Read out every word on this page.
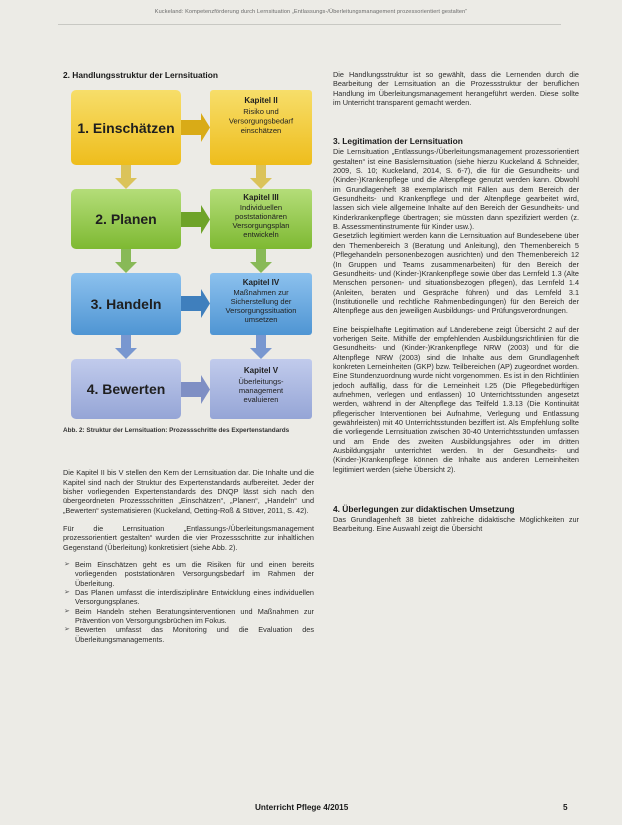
Kuckeland: Kompetenzförderung durch Lernsituation „Entlassungs-/Überleitungsmanagement prozessorientiert gestalten“
2. Handlungsstruktur der Lernsituation
1. Einschätzen
Kapitel II
Risiko und
Versorgungsbedarf
einschätzen
2. Planen
Kapitel III
Individuellen
poststationären
Versorgungsplan
entwickeln
3. Handeln
Kapitel IV
Maßnahmen zur
Sicherstellung der
Versorgungssituation
umsetzen
4. Bewerten
Kapitel V
Überleitungs-
management
evaluieren
Abb. 2: Struktur der Lernsituation: Prozessschritte des Expertenstandards

Die Kapitel II bis V stellen den Kern der Lernsituation dar. Die Inhalte und die Kapitel sind nach der Struktur des Expertenstandards aufbereitet. Jeder der bisher vorliegenden Expertenstandards des DNQP lässt sich nach den übergeordneten Prozessschritten „Einschätzen“, „Planen“, „Handeln“ und „Bewerten“ systematisieren (Kuckeland, Oetting-Roß & Stöver, 2011, S. 42).

Für die Lernsituation „Entlassungs-/Überleitungsmanagement prozessorientiert gestalten“ wurden die vier Prozessschritte zur inhaltlichen Gegenstand (Überleitung) konkretisiert (siehe Abb. 2).

➢ Beim Einschätzen geht es um die Risiken für und einen bereits vorliegenden poststationären Versorgungsbedarf im Rahmen der Überleitung.
➢ Das Planen umfasst die interdisziplinäre Entwicklung eines individuellen Versorgungsplanes.
➢ Beim Handeln stehen Beratungsinterventionen und Maßnahmen zur Prävention von Versorgungsbrüchen im Fokus.
➢ Bewerten umfasst das Monitoring und die Evaluation des Überleitungsmanagements.

Die Handlungsstruktur ist so gewählt, dass die Lernenden durch die Bearbeitung der Lernsituation an die Prozessstruktur der beruflichen Handlung im Überleitungsmanagement herangeführt werden. Diese sollte im Unterricht transparent gemacht werden.

3. Legitimation der Lernsituation

Die Lernsituation „Entlassungs-/Überleitungsmanagement prozessorientiert gestalten“ ist eine Basislernsituation (siehe hierzu Kuckeland & Schneider, 2009, S. 10; Kuckeland, 2014, S. 6-7), die für die Gesundheits- und (Kinder-)Krankenpflege und die Altenpflege genutzt werden kann. Obwohl im Grundlagenheft 38 exemplarisch mit Fällen aus dem Bereich der Gesundheits- und Krankenpflege und der Altenpflege gearbeitet wird, lassen sich viele allgemeine Inhalte auf den Bereich der Gesundheits- und Kinderkrankenpflege übertragen; sie müssten dann spezifiziert werden (z. B. Assessmentinstrumente für Kinder usw.).

Gesetzlich legitimiert werden kann die Lernsituation auf Bundesebene über den Themenbereich 3 (Beratung und Anleitung), den Themenbereich 5 (Pflegehandeln personenbezogen ausrichten) und den Themenbereich 12 (In Gruppen und Teams zusammenarbeiten) für den Bereich der Gesundheits- und (Kinder-)Krankenpflege sowie über das Lernfeld 1.3 (Alte Menschen personen- und situationsbezogen pflegen), das Lernfeld 1.4 (Anleiten, beraten und Gespräche führen) und das Lernfeld 3.1 (Institutionelle und rechtliche Rahmenbedingungen) für den Bereich der Altenpflege aus den jeweiligen Ausbildungs- und Prüfungsverordnungen.

Eine beispielhafte Legitimation auf Länderebene zeigt Übersicht 2 auf der vorherigen Seite. Mithilfe der empfehlenden Ausbildungsrichtlinien für die Gesundheits- und (Kinder-)Krankenpflege NRW (2003) und für die Altenpflege NRW (2003) sind die Inhalte aus dem Grundlagenheft konkreten Lerneinheiten (GKP) bzw. Teilbereichen (AP) zugeordnet worden. Eine Stundenzuordnung wurde nicht vorgenommen. Es ist in den Richtlinien jedoch auffällig, dass für die Lerneinheit I.25 (Die Pflegebedürftigen aufnehmen, verlegen und entlassen) 10 Unterrichtsstunden angesetzt werden, während in der Altenpflege das Teilfeld 1.3.13 (Die Kontinuität pflegerischer Interventionen bei Aufnahme, Verlegung und Entlassung gewährleisten) mit 40 Unterrichtsstunden beziffert ist. Als Empfehlung sollte die vorliegende Lernsituation zwischen 30-40 Unterrichtsstunden umfassen und am Ende des zweiten Ausbildungsjahres oder im dritten Ausbildungsjahr unterrichtet werden. In der Gesundheits- und (Kinder-)Krankenpflege können die Inhalte aus anderen Lerneinheiten legitimiert werden (siehe Übersicht 2).

4. Überlegungen zur didaktischen Umsetzung

Das Grundlagenheft 38 bietet zahlreiche didaktische Möglichkeiten zur Bearbeitung. Eine Auswahl zeigt die Übersicht

Unterricht Pflege 4/2015	5
